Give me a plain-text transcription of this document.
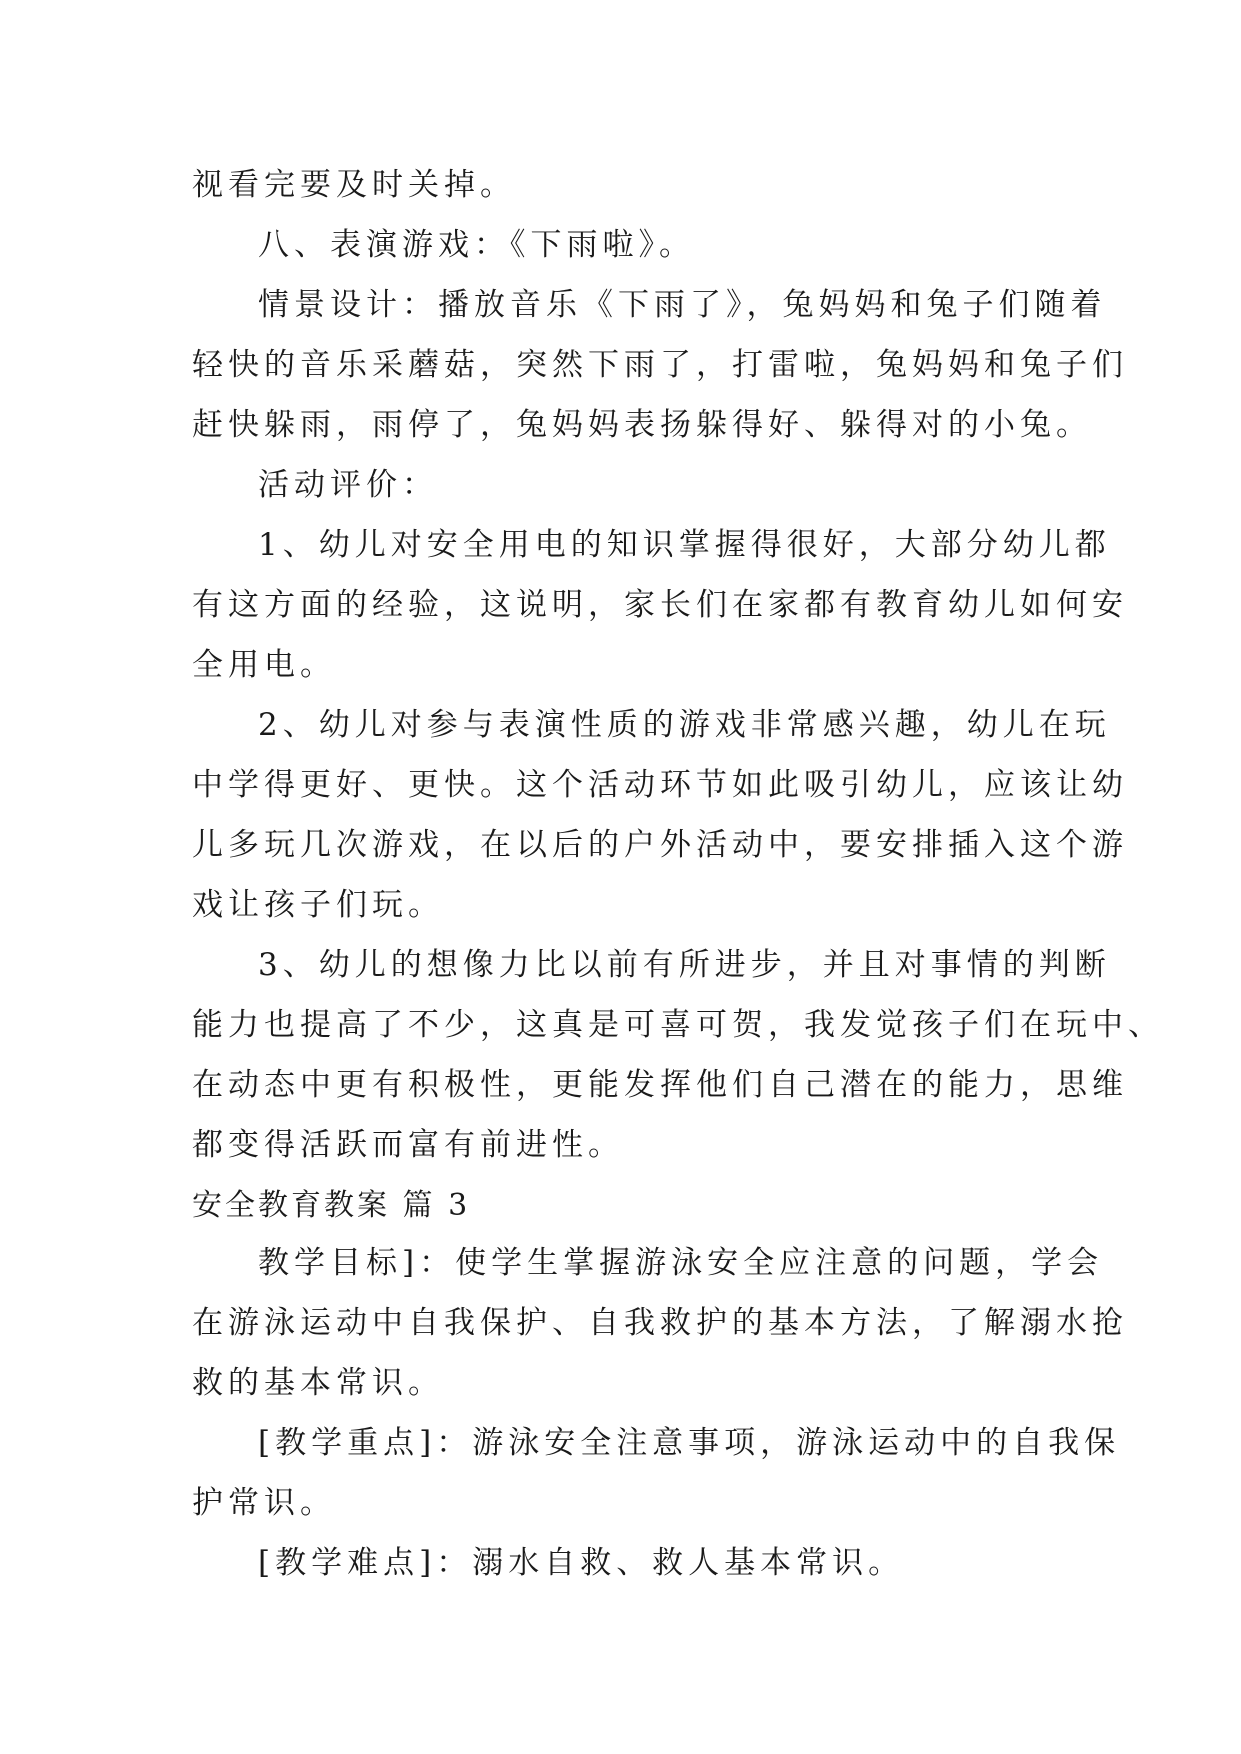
视看完要及时关掉。
八、表演游戏：《下雨啦》。
情景设计：播放音乐《下雨了》，兔妈妈和兔子们随着
轻快的音乐采蘑菇，突然下雨了，打雷啦，兔妈妈和兔子们
赶快躲雨，雨停了，兔妈妈表扬躲得好、躲得对的小兔。
活动评价：
1、幼儿对安全用电的知识掌握得很好，大部分幼儿都
有这方面的经验，这说明，家长们在家都有教育幼儿如何安
全用电。
2、幼儿对参与表演性质的游戏非常感兴趣，幼儿在玩
中学得更好、更快。这个活动环节如此吸引幼儿，应该让幼
儿多玩几次游戏，在以后的户外活动中，要安排插入这个游
戏让孩子们玩。
3、幼儿的想像力比以前有所进步，并且对事情的判断
能力也提高了不少，这真是可喜可贺，我发觉孩子们在玩中、
在动态中更有积极性，更能发挥他们自己潜在的能力，思维
都变得活跃而富有前进性。
安全教育教案 篇 3
教学目标]：使学生掌握游泳安全应注意的问题，学会
在游泳运动中自我保护、自我救护的基本方法，了解溺水抢
救的基本常识。
[教学重点]：游泳安全注意事项，游泳运动中的自我保
护常识。
[教学难点]：溺水自救、救人基本常识。
